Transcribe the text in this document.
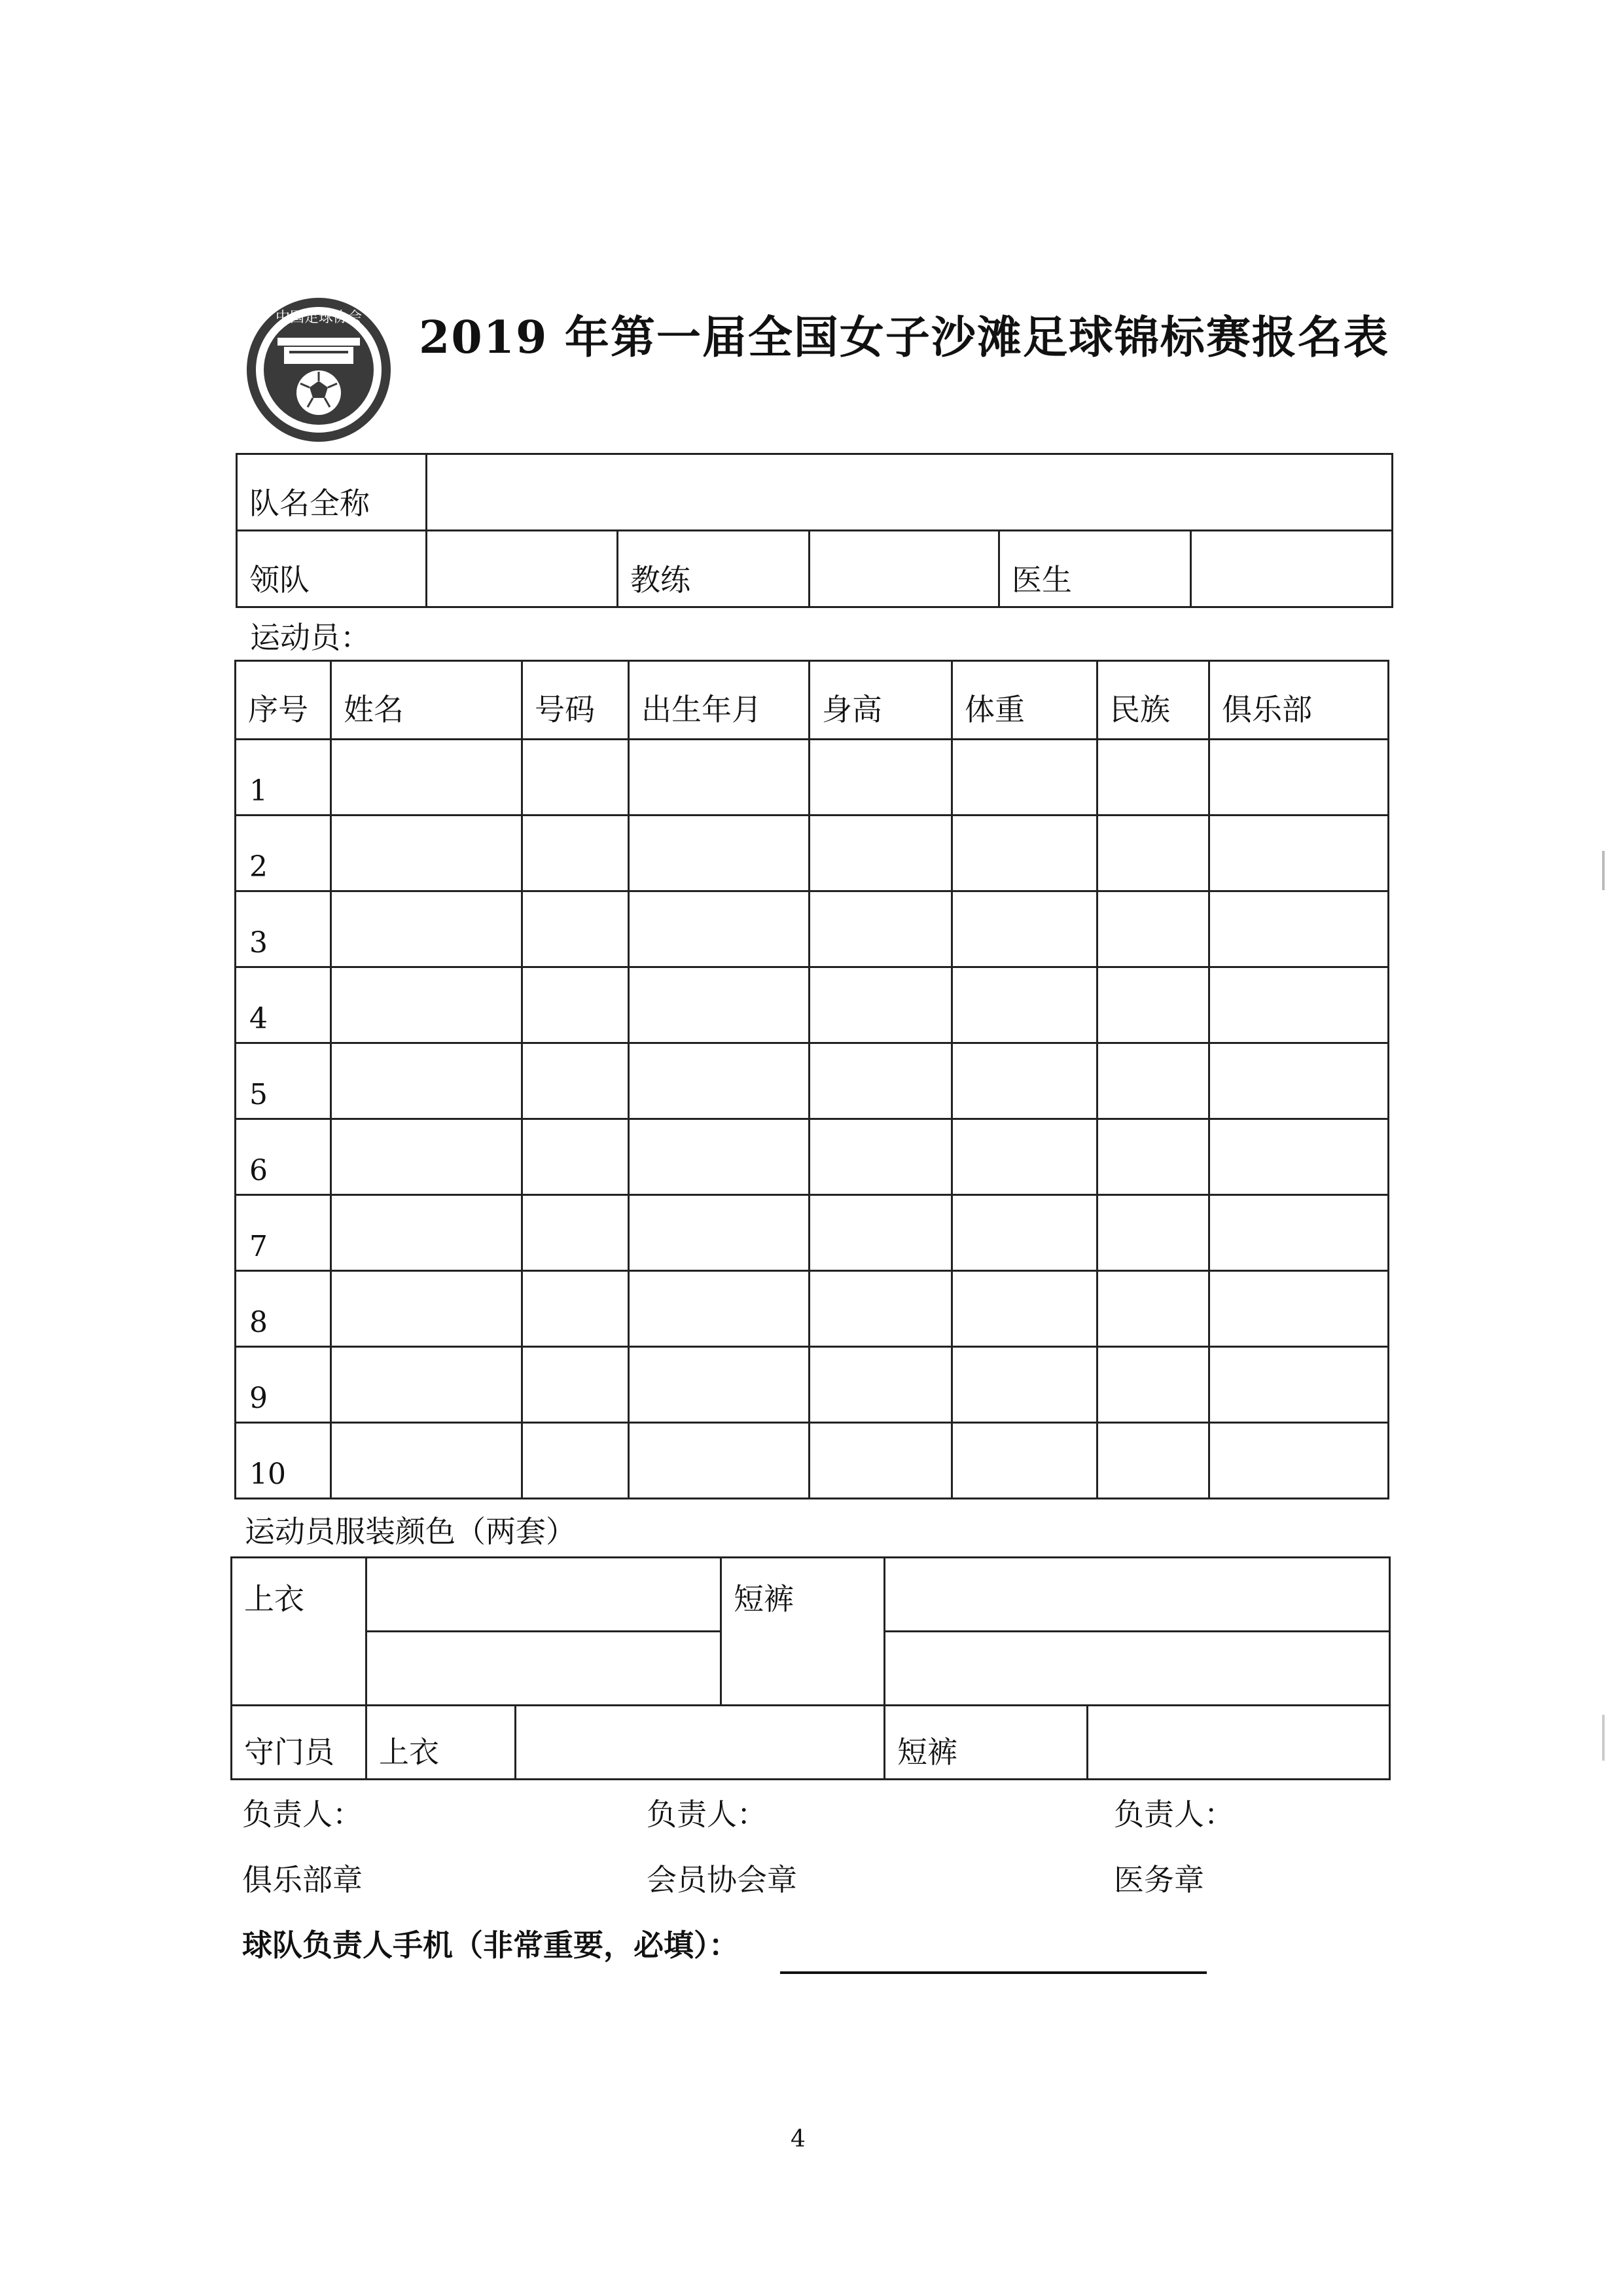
中国足球协会 2019 年第一届全国女子沙滩足球锦标赛报名表
队名全称					
领队		教练		医生	
运动员：
序号	姓名	号码	出生年月	身高	体重	民族	俱乐部
1							
2							
3							
4							
5							
6							
7							
8							
9							
10							
运动员服装颜色（两套）
上衣			短裤		

守门员	上衣			短裤	
负责人：	负责人：	负责人：
俱乐部章	会员协会章	医务章
球队负责人手机（非常重要，必填）：
4
